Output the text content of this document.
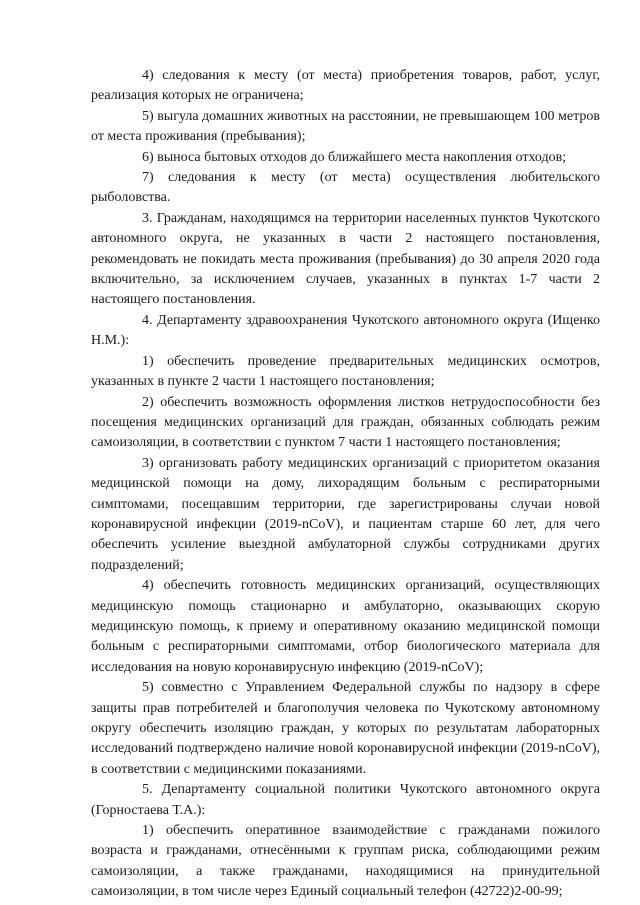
4) следования к месту (от места) приобретения товаров, работ, услуг, реализация которых не ограничена;

5) выгула домашних животных на расстоянии, не превышающем 100 метров от места проживания (пребывания);

6) выноса бытовых отходов до ближайшего места накопления отходов;

7) следования к месту (от места) осуществления любительского рыболовства.

3. Гражданам, находящимся на территории населенных пунктов Чукотского автономного округа, не указанных в части 2 настоящего постановления, рекомендовать не покидать места проживания (пребывания) до 30 апреля 2020 года включительно, за исключением случаев, указанных в пунктах 1-7 части 2 настоящего постановления.

4. Департаменту здравоохранения Чукотского автономного округа (Ищенко Н.М.):

1) обеспечить проведение предварительных медицинских осмотров, указанных в пункте 2 части 1 настоящего постановления;

2) обеспечить возможность оформления листков нетрудоспособности без посещения медицинских организаций для граждан, обязанных соблюдать режим самоизоляции, в соответствии с пунктом 7 части 1 настоящего постановления;

3) организовать работу медицинских организаций с приоритетом оказания медицинской помощи на дому, лихорадящим больным с респираторными симптомами, посещавшим территории, где зарегистрированы случаи новой коронавирусной инфекции (2019-nCoV), и пациентам старше 60 лет, для чего обеспечить усиление выездной амбулаторной службы сотрудниками других подразделений;

4) обеспечить готовность медицинских организаций, осуществляющих медицинскую помощь стационарно и амбулаторно, оказывающих скорую медицинскую помощь, к приему и оперативному оказанию медицинской помощи больным с респираторными симптомами, отбор биологического материала для исследования на новую коронавирусную инфекцию (2019-nCoV);

5) совместно с Управлением Федеральной службы по надзору в сфере защиты прав потребителей и благополучия человека по Чукотскому автономному округу обеспечить изоляцию граждан, у которых по результатам лабораторных исследований подтверждено наличие новой коронавирусной инфекции (2019-nCoV), в соответствии с медицинскими показаниями.

5. Департаменту социальной политики Чукотского автономного округа (Горностаева Т.А.):

1) обеспечить оперативное взаимодействие с гражданами пожилого возраста и гражданами, отнесёнными к группам риска, соблюдающими режим самоизоляции, а также гражданами, находящимися на принудительной самоизоляции, в том числе через Единый социальный телефон (42722)2-00-99;
